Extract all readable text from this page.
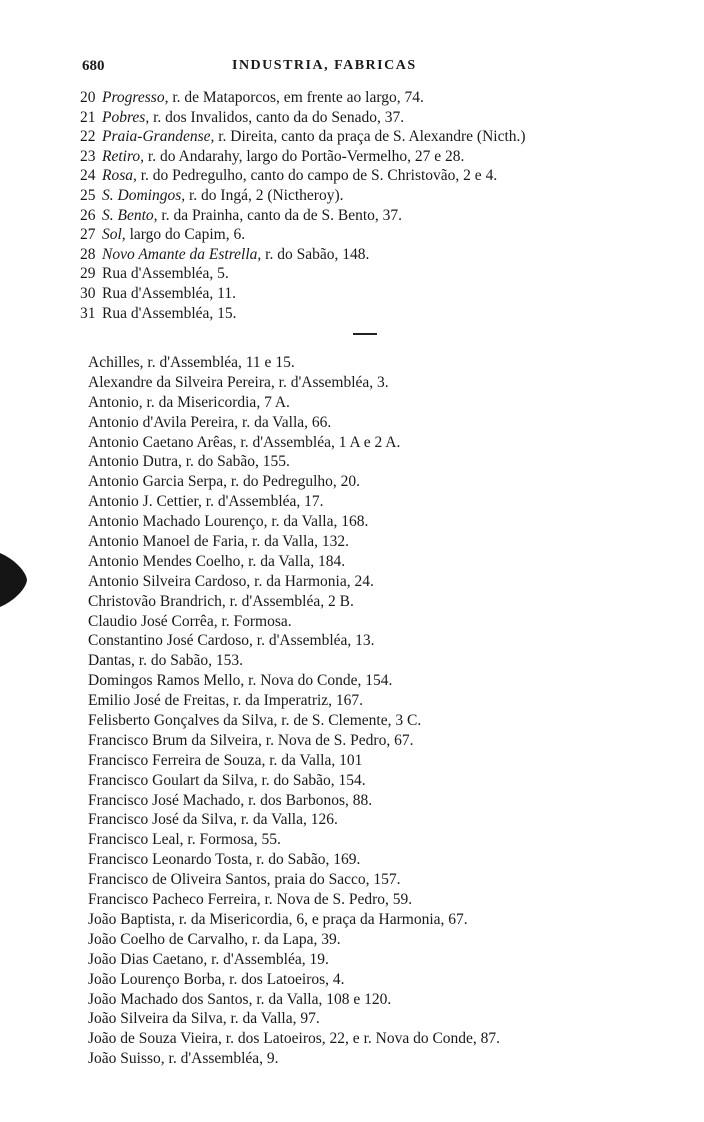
680	INDUSTRIA, FABRICAS
20 Progresso, r. de Mataporcos, em frente ao largo, 74.
21 Pobres, r. dos Invalidos, canto da do Senado, 37.
22 Praia-Grandense, r. Direita, canto da praça de S. Alexandre (Nicth.)
23 Retiro, r. do Andarahy, largo do Portão-Vermelho, 27 e 28.
24 Rosa, r. do Pedregulho, canto do campo de S. Christovão, 2 e 4.
25 S. Domingos, r. do Ingá, 2 (Nictheroy).
26 S. Bento, r. da Prainha, canto da de S. Bento, 37.
27 Sol, largo do Capim, 6.
28 Novo Amante da Estrella, r. do Sabão, 148.
29 Rua d'Assembléa, 5.
30 Rua d'Assembléa, 11.
31 Rua d'Assembléa, 15.
Achilles, r. d'Assembléa, 11 e 15.
Alexandre da Silveira Pereira, r. d'Assembléa, 3.
Antonio, r. da Misericordia, 7 A.
Antonio d'Avila Pereira, r. da Valla, 66.
Antonio Caetano Arêas, r. d'Assembléa, 1 A e 2 A.
Antonio Dutra, r. do Sabão, 155.
Antonio Garcia Serpa, r. do Pedregulho, 20.
Antonio J. Cettier, r. d'Assembléa, 17.
Antonio Machado Lourenço, r. da Valla, 168.
Antonio Manoel de Faria, r. da Valla, 132.
Antonio Mendes Coelho, r. da Valla, 184.
Antonio Silveira Cardoso, r. da Harmonia, 24.
Christovão Brandrich, r. d'Assembléa, 2 B.
Claudio José Corrêa, r. Formosa.
Constantino José Cardoso, r. d'Assembléa, 13.
Dantas, r. do Sabão, 153.
Domingos Ramos Mello, r. Nova do Conde, 154.
Emilio José de Freitas, r. da Imperatriz, 167.
Felisberto Gonçalves da Silva, r. de S. Clemente, 3 C.
Francisco Brum da Silveira, r. Nova de S. Pedro, 67.
Francisco Ferreira de Souza, r. da Valla, 101
Francisco Goulart da Silva, r. do Sabão, 154.
Francisco José Machado, r. dos Barbonos, 88.
Francisco José da Silva, r. da Valla, 126.
Francisco Leal, r. Formosa, 55.
Francisco Leonardo Tosta, r. do Sabão, 169.
Francisco de Oliveira Santos, praia do Sacco, 157.
Francisco Pacheco Ferreira, r. Nova de S. Pedro, 59.
João Baptista, r. da Misericordia, 6, e praça da Harmonia, 67.
João Coelho de Carvalho, r. da Lapa, 39.
João Dias Caetano, r. d'Assembléa, 19.
João Lourenço Borba, r. dos Latoeiros, 4.
João Machado dos Santos, r. da Valla, 108 e 120.
João Silveira da Silva, r. da Valla, 97.
João de Souza Vieira, r. dos Latoeiros, 22, e r. Nova do Conde, 87.
João Suisso, r. d'Assembléa, 9.
